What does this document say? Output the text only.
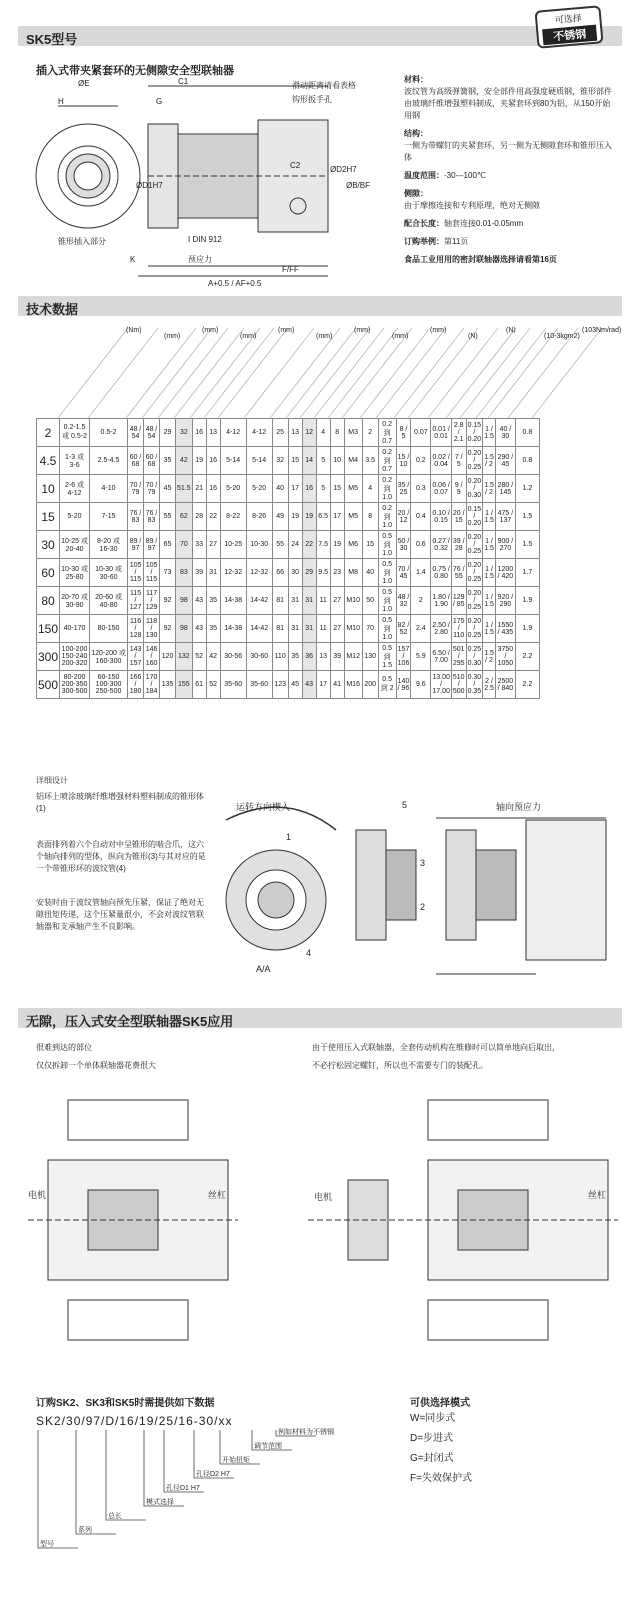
SK5型号
可选择
不锈钢
插入式带夹紧套环的无侧隙安全型联轴器
ØE
H	G
C1
C2
ØD1H7
ØD2H7
ØB/BF
I DIN 912
预应力
K
F/FF
A+0.5 / AF+0.5
滑动距离请看表格
钩形扳手孔
锥形插入部分
材料：
波纹管为高级弹簧钢，安全部件用高强度硬质钢，锥形部件由玻璃纤维增强塑料制成，夹紧套环到80为铝，从150开始用钢
结构：
一侧为带螺钉的夹紧套环，另一侧为无侧隙套环和锥形压入体
温度范围：-30---100℃
侧隙：
由于摩擦连接和专利原理，绝对无侧隙
配合长度：轴套连接0.01-0.05mm
订购举例：第11页
食品工业用用的密封联轴器选择请看第16页
技术数据
(Nm)
(mm)
(mm)
(mm)
(mm)
(mm)
(mm)
(mm)
(mm)
(N)
(N)
(10-3kgm2)
(103Nm/rad)
2	0.2-1.5 或 0.5-2	0.5-2	48 / 54	48 / 54	29	32	16	13	4-12	4-12	25	13	12	4	8	M3	2	0.2 到 0.7	8 / 5	0.07	0.01 / 0.01	2.8 / 2.1	0.15 / 0.20	1 / 1.5	40 / 30	0.8
4.5	1-3 或 3-6	2.5-4.5	60 / 68	60 / 68	35	42	19	16	5-14	5-14	32	15	14	5	10	M4	3.5	0.2 到 0.7	15 / 10	0.2	0.02 / 0.04	7 / 5	0.20 / 0.25	1.5 / 2	290 / 45	0.8
10	2-6 或 4-12	4-10	70 / 79	70 / 79	45	51.5	21	16	5-20	5-20	40	17	16	5	15	M5	4	0.2 到 1.0	35 / 25	0.3	0.06 / 0.07	9 / 9	0.20 / 0.30	1.5 / 2	280 / 145	1.2
15	5-20	7-15	76 / 83	76 / 83	55	62	28	22	8-22	8-26	49	19	19	6.5	17	M5	8	0.2 到 1.0	20 / 12	0.4	0.10 / 0.15	20 / 15	0.15 / 0.20	1 / 1.5	475 / 137	1.5
30	10-25 或 20-40	8-20 或 16-30	89 / 97	89 / 97	65	70	33	27	10-25	10-30	55	24	22	7.5	19	M6	15	0.5 到 1.0	50 / 30	0.6	0.27 / 0.32	39 / 28	0.20 / 0.25	1 / 1.5	900 / 270	1.5
60	10-30 或 25-80	10-30 或 30-60	105 / 115	105 / 115	73	83	39	31	12-32	12-32	66	30	29	9.5	23	M8	40	0.5 到 1.0	70 / 45	1.4	0.75 / 0.80	76 / 55	0.20 / 0.25	1 / 1.5	1200 / 420	1.7
80	20-70 或 30-90	20-60 或 40-80	115 / 127	117 / 129	92	98	43	35	14-38	14-42	81	31	31	11	27	M10	50	0.5 到 1.0	48 / 32	2	1.80 / 1.90	129 / 85	0.20 / 0.25	1 / 1.5	920 / 290	1.9
150	40-170	80-150	116 / 128	118 / 130	92	98	43	35	14-38	14-42	81	31	31	11	27	M10	70	0.5 到 1.0	82 / 52	2.4	2.50 / 2.80	175 / 110	0.20 / 0.25	1 / 1.5	1550 / 435	1.9
300	100-200 150-240 200-320	120-200 或 160-300	143 / 157	146 / 160	120	132	52	42	30-56	30-60	110	35	36	13	39	M12	130	0.5 到 1.5	157 / 106	5.9	6.50 / 7.00	501 / 295	0.25 / 0.30	1.5 / 2	3750 / 1050	2.2
500	80-200 200-350 300-500	60-150 100-300 250-500	166 / 180	170 / 184	135	155	61	52	35-60	35-60	123	45	43	17	41	M16	200	0.5 到 2	140 / 96	9.6	13.00 / 17.00	510 / 500	0.30 / 0.35	2 / 2.5	2500 / 840	2.2
详细设计
铝环上喷涂玻璃纤维增强材料塑料制成的锥形体(1)
表面排列着六个自动对中呈锥形的啮合爪，这六个轴向排列的型体，纵向为锥形(3)与其对应的是一个带锥形环的波纹管(4)
安装时由于波纹管轴向预先压紧，保证了绝对无隙扭矩传递，这个压紧量很小，不会对波纹管联轴器和支承轴产生不良影响。
运转方向楔入	轴向预应力
A/A
1
2
3
4
5
无隙，压入式安全型联轴器SK5应用
很难到达的部位
仅仅拆卸一个单体联轴器花费很大
由于使用压入式联轴器，全套传动机构在维修时可以简单地向后取出，
不必拧松固定螺钉，所以也不需要专门的装配孔。
电机	丝杠	电机	丝杠
订购SK2、SK3和SK5时需提供如下数据
SK2/30/97/D/16/19/25/16-30/xx
例如材料为不锈钢
调节范围
开始扭矩
孔径D2 H7
孔径D1 H7
模式选择
总长
系列
型号
可供选择模式
W=同步式
D=步进式
G=封闭式
F=失效保护式
